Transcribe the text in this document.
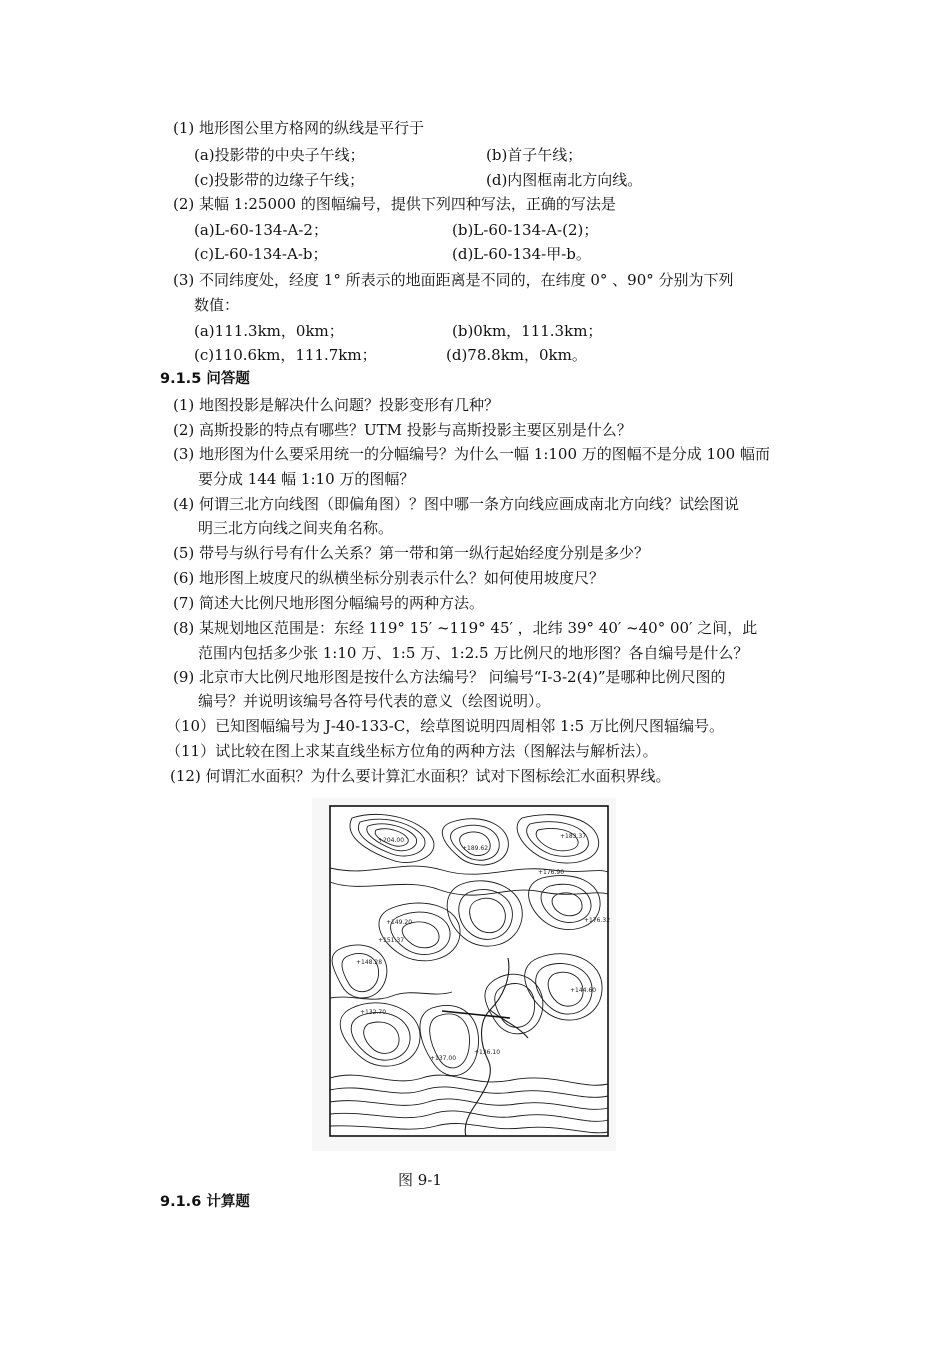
(1) 地形图公里方格网的纵线是平行于
(a)投影带的中央子午线；	(b)首子午线；
(c)投影带的边缘子午线；	(d)内图框南北方向线。
(2) 某幅 1:25000 的图幅编号，提供下列四种写法，正确的写法是
(a)L-60-134-A-2；	(b)L-60-134-A-(2)；
(c)L-60-134-A-b；	(d)L-60-134-甲-b。
(3) 不同纬度处，经度 1° 所表示的地面距离是不同的，在纬度 0° 、90° 分别为下列
数值：
(a)111.3km，0km；	(b)0km，111.3km；
(c)110.6km，111.7km；	(d)78.8km，0km。
9.1.5 问答题
(1) 地图投影是解决什么问题？投影变形有几种？
(2) 高斯投影的特点有哪些？UTM 投影与高斯投影主要区别是什么？
(3) 地形图为什么要采用统一的分幅编号？为什么一幅 1:100 万的图幅不是分成 100 幅而
要分成 144 幅 1:10 万的图幅？
(4) 何谓三北方向线图（即偏角图）？图中哪一条方向线应画成南北方向线？试绘图说
明三北方向线之间夹角名称。
(5) 带号与纵行号有什么关系？第一带和第一纵行起始经度分别是多少？
(6) 地形图上坡度尺的纵横坐标分别表示什么？如何使用坡度尺？
(7) 简述大比例尺地形图分幅编号的两种方法。
(8) 某规划地区范围是：东经 119° 15′ ~119° 45′ ，北纬 39° 40′ ~40° 00′ 之间，此
范围内包括多少张 1:10 万、1:5 万、1:2.5 万比例尺的地形图？各自编号是什么？
(9) 北京市大比例尺地形图是按什么方法编号？ 问编号“Ⅰ-3-2(4)”是哪种比例尺图的
编号？并说明该编号各符号代表的意义（绘图说明）。
（10）已知图幅编号为 J-40-133-C，绘草图说明四周相邻 1:5 万比例尺图辐编号。
（11）试比较在图上求某直线坐标方位角的两种方法（图解法与解析法）。
(12) 何谓汇水面积？为什么要计算汇水面积？试对下图标绘汇水面积界线。
+204.00
+189.62
+183.37
+176.90
+149.20
+151.37
+176.32
+144.60
+132.70
+137.00
+136.10
+148.28
图 9-1
9.1.6 计算题
